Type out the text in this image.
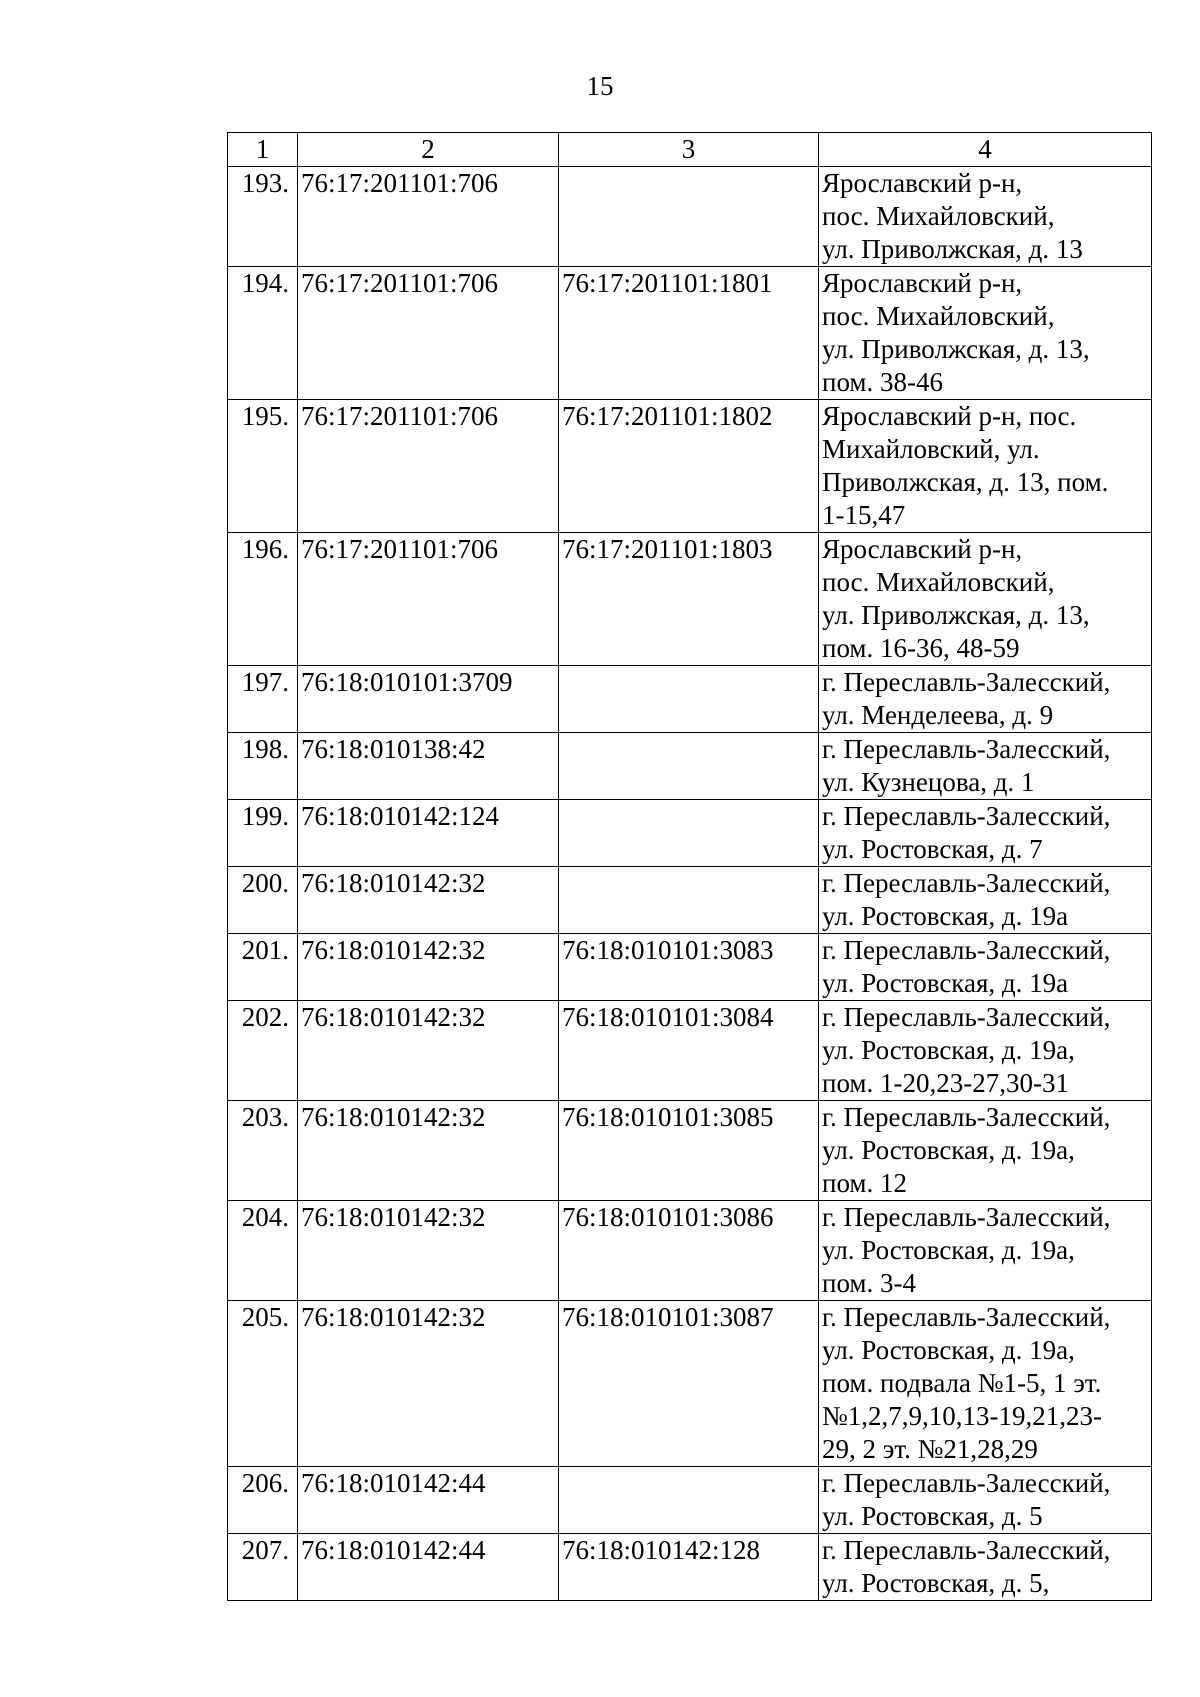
15
1	2	3	4
193.	76:17:201101:706		Ярославский р-н,
пос. Михайловский,
ул. Приволжская, д. 13

194.	76:17:201101:706	76:17:201101:1801	Ярославский р-н,
пос. Михайловский,
ул. Приволжская, д. 13,
пом. 38-46

195.	76:17:201101:706	76:17:201101:1802	Ярославский р-н, пос.
Михайловский, ул.
Приволжская, д. 13, пом.
1-15,47

196.	76:17:201101:706	76:17:201101:1803	Ярославский р-н,
пос. Михайловский,
ул. Приволжская, д. 13,
пом. 16-36, 48-59

197.	76:18:010101:3709		г. Переславль-Залесский,
ул. Менделеева, д. 9

198.	76:18:010138:42		г. Переславль-Залесский,
ул. Кузнецова, д. 1

199.	76:18:010142:124		г. Переславль-Залесский,
ул. Ростовская, д. 7

200.	76:18:010142:32		г. Переславль-Залесский,
ул. Ростовская, д. 19а

201.	76:18:010142:32	76:18:010101:3083	г. Переславль-Залесский,
ул. Ростовская, д. 19а

202.	76:18:010142:32	76:18:010101:3084	г. Переславль-Залесский,
ул. Ростовская, д. 19а,
пом. 1-20,23-27,30-31

203.	76:18:010142:32	76:18:010101:3085	г. Переславль-Залесский,
ул. Ростовская, д. 19а,
пом. 12

204.	76:18:010142:32	76:18:010101:3086	г. Переславль-Залесский,
ул. Ростовская, д. 19а,
пом. 3-4

205.	76:18:010142:32	76:18:010101:3087	г. Переславль-Залесский,
ул. Ростовская, д. 19а,
пом. подвала №1-5, 1 эт.
№1,2,7,9,10,13-19,21,23-
29, 2 эт. №21,28,29

206.	76:18:010142:44		г. Переславль-Залесский,
ул. Ростовская, д. 5

207.	76:18:010142:44	76:18:010142:128	г. Переславль-Залесский,
ул. Ростовская, д. 5,
